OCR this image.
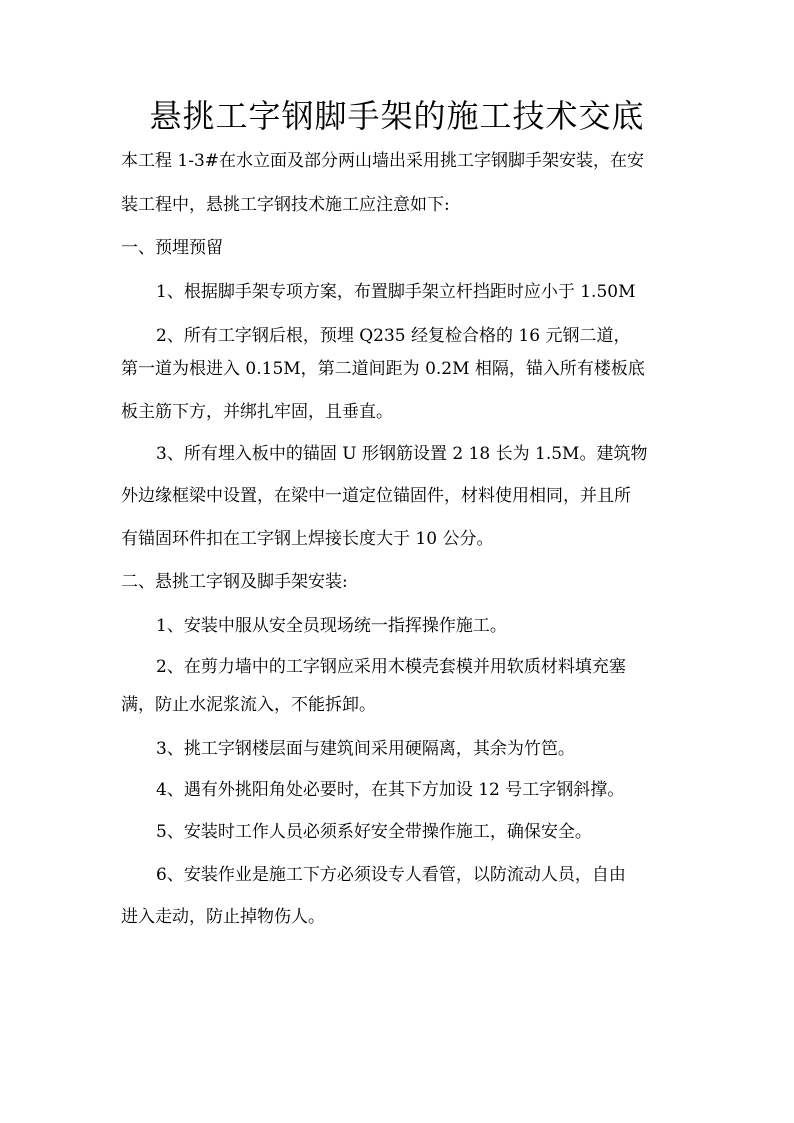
悬挑工字钢脚手架的施工技术交底

本工程 1-3#在水立面及部分两山墙出采用挑工字钢脚手架安装，在安

装工程中，悬挑工字钢技术施工应注意如下:

一、预埋预留

1、根据脚手架专项方案，布置脚手架立杆挡距时应小于 1.50M

2、所有工字钢后根，预埋 Q235 经复检合格的 16 元钢二道，

第一道为根进入 0.15M，第二道间距为 0.2M 相隔，锚入所有楼板底

板主筋下方，并绑扎牢固，且垂直。

3、所有埋入板中的锚固 U 形钢筋设置 2 18 长为 1.5M。建筑物

外边缘框梁中设置，在梁中一道定位锚固件，材料使用相同，并且所

有锚固环件扣在工字钢上焊接长度大于 10 公分。

二、悬挑工字钢及脚手架安装:

1、安装中服从安全员现场统一指挥操作施工。

2、在剪力墙中的工字钢应采用木模壳套模并用软质材料填充塞

满，防止水泥浆流入，不能拆卸。

3、挑工字钢楼层面与建筑间采用硬隔离，其余为竹笆。

4、遇有外挑阳角处必要时，在其下方加设 12 号工字钢斜撑。

5、安装时工作人员必须系好安全带操作施工，确保安全。

6、安装作业是施工下方必须设专人看管，以防流动人员，自由

进入走动，防止掉物伤人。
